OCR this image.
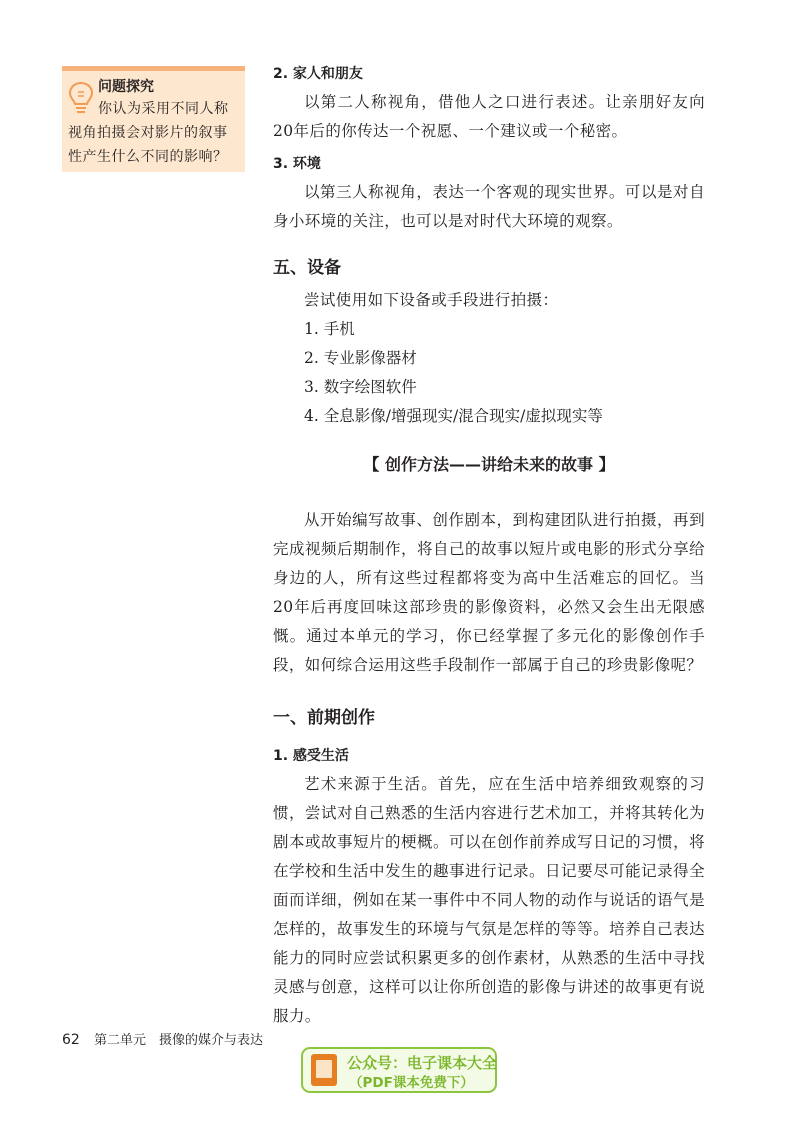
问题探究
你认为采用不同人称视角拍摄会对影片的叙事性产生什么不同的影响？

2. 家人和朋友

以第二人称视角，借他人之口进行表述。让亲朋好友向20年后的你传达一个祝愿、一个建议或一个秘密。

3. 环境

以第三人称视角，表达一个客观的现实世界。可以是对自身小环境的关注，也可以是对时代大环境的观察。

五、设备

尝试使用如下设备或手段进行拍摄：

1. 手机

2. 专业影像器材

3. 数字绘图软件

4. 全息影像/增强现实/混合现实/虚拟现实等

【 创作方法——讲给未来的故事 】

从开始编写故事、创作剧本，到构建团队进行拍摄，再到完成视频后期制作，将自己的故事以短片或电影的形式分享给身边的人，所有这些过程都将变为高中生活难忘的回忆。当20年后再度回味这部珍贵的影像资料，必然又会生出无限感慨。通过本单元的学习，你已经掌握了多元化的影像创作手段，如何综合运用这些手段制作一部属于自己的珍贵影像呢？

一、前期创作

1. 感受生活

艺术来源于生活。首先，应在生活中培养细致观察的习惯，尝试对自己熟悉的生活内容进行艺术加工，并将其转化为剧本或故事短片的梗概。可以在创作前养成写日记的习惯，将在学校和生活中发生的趣事进行记录。日记要尽可能记录得全面而详细，例如在某一事件中不同人物的动作与说话的语气是怎样的，故事发生的环境与气氛是怎样的等等。培养自己表达能力的同时应尝试积累更多的创作素材，从熟悉的生活中寻找灵感与创意，这样可以让你所创造的影像与讲述的故事更有说服力。

62 第二单元　摄像的媒介与表达
公众号：电子课本大全
（PDF课本免费下）
